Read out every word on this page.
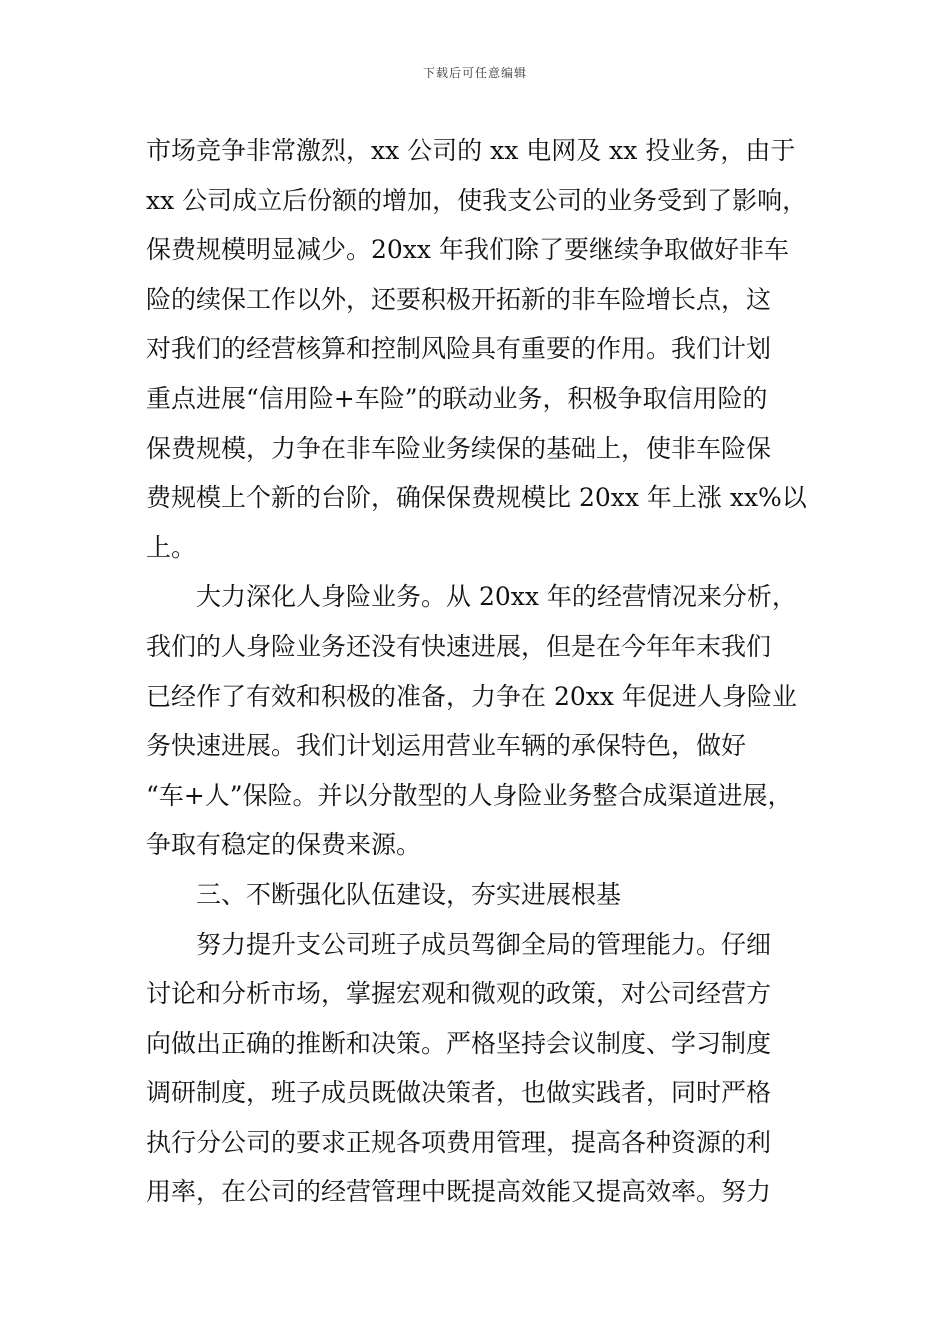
下载后可任意编辑
市场竞争非常激烈，xx 公司的 xx 电网及 xx 投业务，由于
xx 公司成立后份额的增加，使我支公司的业务受到了影响，
保费规模明显减少。20xx 年我们除了要继续争取做好非车
险的续保工作以外，还要积极开拓新的非车险增长点，这
对我们的经营核算和控制风险具有重要的作用。我们计划
重点进展“信用险+车险”的联动业务，积极争取信用险的
保费规模，力争在非车险业务续保的基础上，使非车险保
费规模上个新的台阶，确保保费规模比 20xx 年上涨 xx%以
上。
大力深化人身险业务。从 20xx 年的经营情况来分析，
我们的人身险业务还没有快速进展，但是在今年年末我们
已经作了有效和积极的准备，力争在 20xx 年促进人身险业
务快速进展。我们计划运用营业车辆的承保特色，做好
“车+人”保险。并以分散型的人身险业务整合成渠道进展，
争取有稳定的保费来源。
三、不断强化队伍建设，夯实进展根基
努力提升支公司班子成员驾御全局的管理能力。仔细
讨论和分析市场，掌握宏观和微观的政策，对公司经营方
向做出正确的推断和决策。严格坚持会议制度、学习制度
调研制度，班子成员既做决策者，也做实践者，同时严格
执行分公司的要求正规各项费用管理，提高各种资源的利
用率，在公司的经营管理中既提高效能又提高效率。努力
